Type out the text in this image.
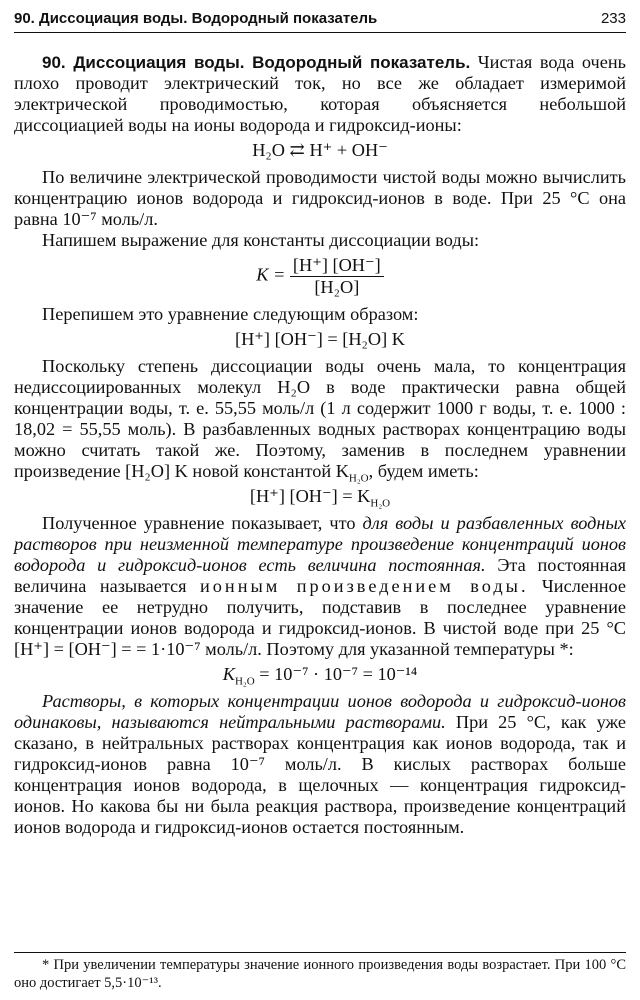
90. Диссоциация воды. Водородный показатель	233

90. Диссоциация воды. Водородный показатель. Чистая вода очень плохо проводит электрический ток, но все же обладает измеримой электрической проводимостью, которая объясняется небольшой диссоциацией воды на ионы водорода и гидроксид-ионы:

H₂O ⇄ H⁺ + OH⁻

По величине электрической проводимости чистой воды можно вычислить концентрацию ионов водорода и гидроксид-ионов в воде. При 25 °C она равна 10⁻⁷ моль/л.

Напишем выражение для константы диссоциации воды:

$K = \frac{[H^+] [OH^-]}{\text{[H₂O]}}$

Перепишем это уравнение следующим образом:

[H⁺] [OH⁻] = [H₂O] K

Поскольку степень диссоциации воды очень мала, то концентрация недиссоциированных молекул H₂O в воде практически равна общей концентрации воды, т. е. 55,55 моль/л (1 л содержит 1000 г воды, т. е. 1000 : 18,02 = 55,55 моль). В разбавленных водных растворах концентрацию воды можно считать такой же. Поэтому, заменив в последнем уравнении произведение [H₂O] K новой константой $K_{H_2O}$, будем иметь:

[H⁺] $[OH^-] = K_{H_2O}$

Полученное уравнение показывает, что для воды и разбавленных водных растворов при неизменной температуре произведение концентраций ионов водорода и гидроксид-ионов есть величина постоянная. Эта постоянная величина называется ионным произведением воды. Численное значение ее нетрудно получить, подставив в последнее уравнение концентрации ионов водорода и гидроксид-ионов. В чистой воде при 25 °C [H⁺] = [OH⁻] = = 1·10⁻⁷ моль/л. Поэтому для указанной температуры *:

$K_{H_2O} = 10^{-7} \cdot 10^{-7} = 10^{-14}$

Растворы, в которых концентрации ионов водорода и гидроксид-ионов одинаковы, называются нейтральными растворами. При 25 °C, как уже сказано, в нейтральных растворах концентрация как ионов водорода, так и гидроксид-ионов равна 10⁻⁷ моль/л. В кислых растворах больше концентрация ионов водорода, в щелочных — концентрация гидроксид-ионов. Но какова бы ни была реакция раствора, произведение концентраций ионов водорода и гидроксид-ионов остается постоянным.

* При увеличении температуры значение ионного произведения воды возрастает. При 100 °C оно достигает 5,5·10⁻¹³.
